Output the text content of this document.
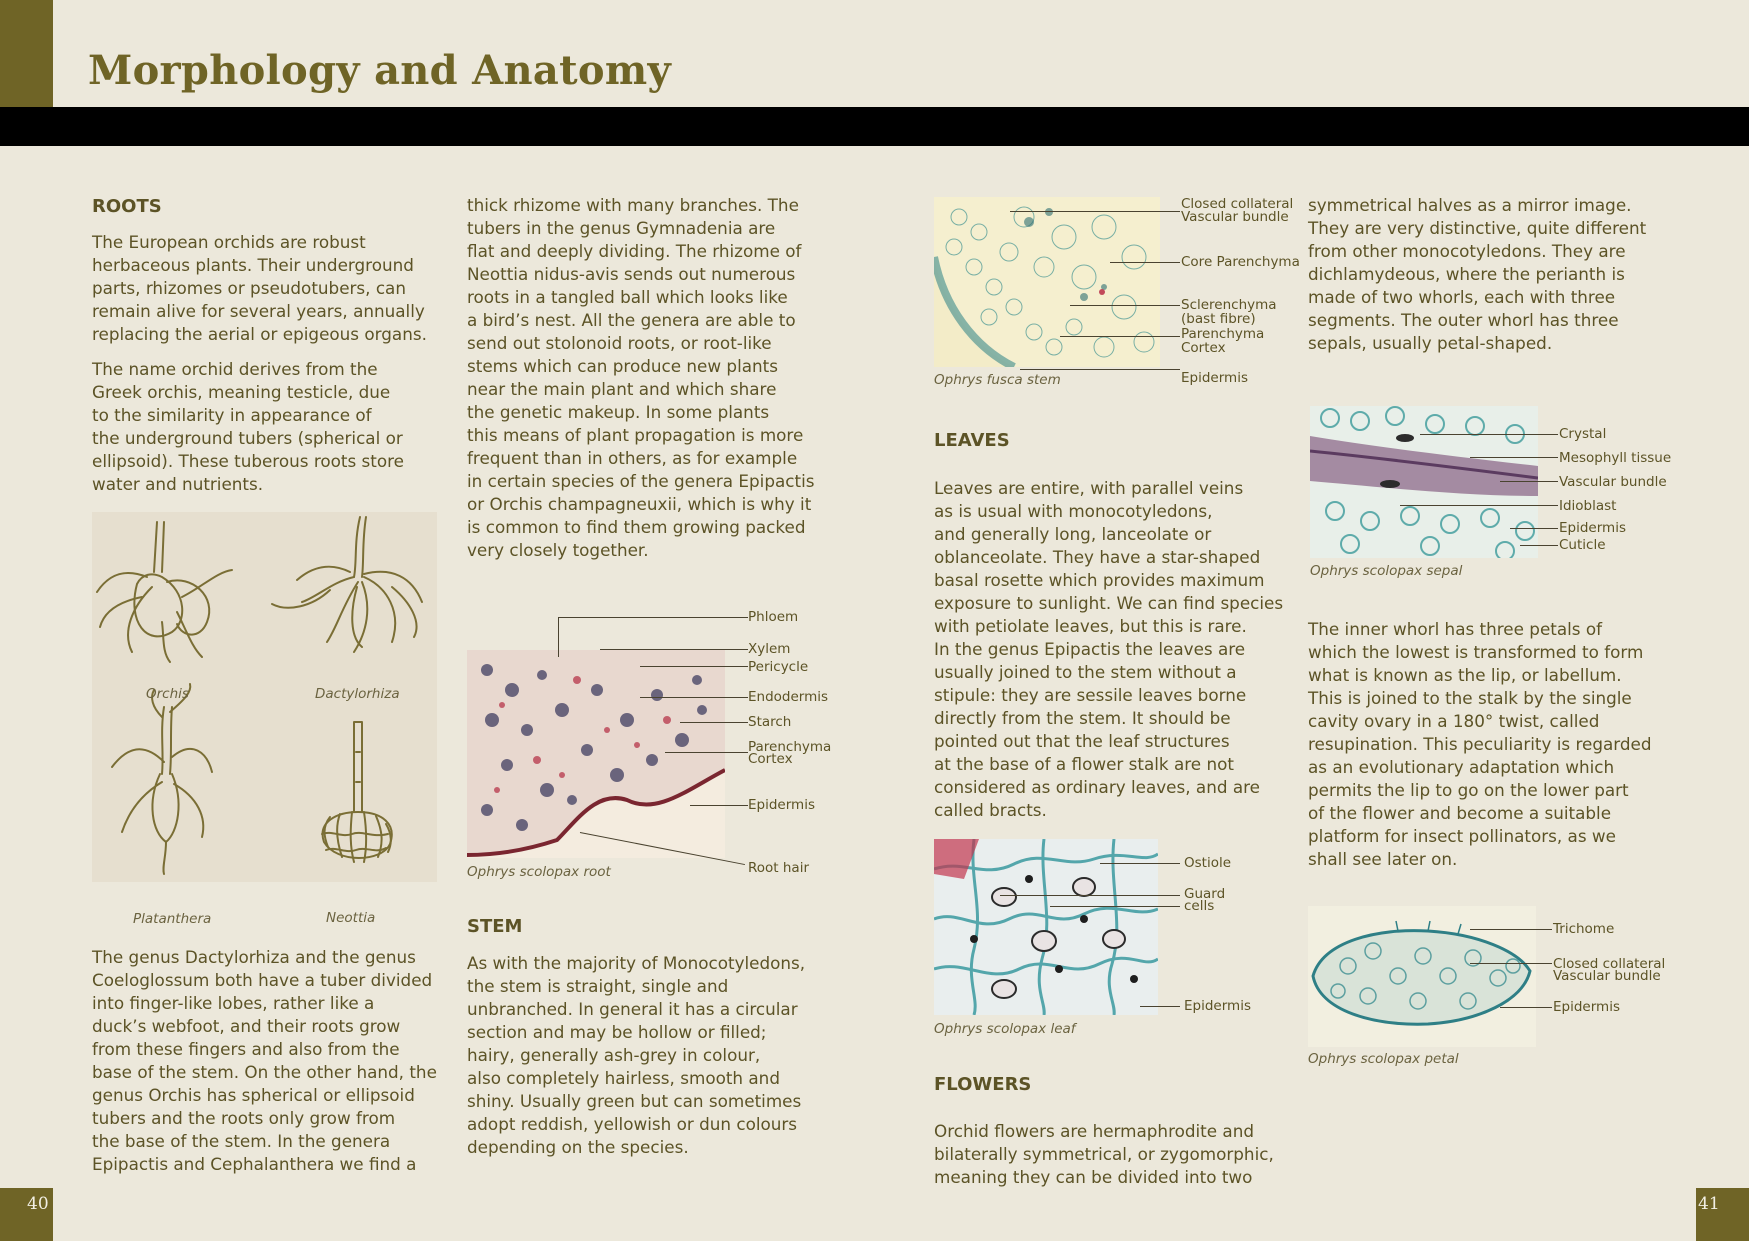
Morphology and Anatomy
ROOTS
The European orchids are robust
herbaceous plants. Their underground
parts, rhizomes or pseudotubers, can
remain alive for several years, annually
replacing the aerial or epigeous organs.
The name orchid derives from the
Greek orchis, meaning testicle, due
to the similarity in appearance of
the underground tubers (spherical or
ellipsoid). These tuberous roots store
water and nutrients.
Orchis	Dactylorhiza
Platanthera	Neottia
The genus Dactylorhiza and the genus
Coeloglossum both have a tuber divided
into finger-like lobes, rather like a
duck’s webfoot, and their roots grow
from these fingers and also from the
base of the stem. On the other hand, the
genus Orchis has spherical or ellipsoid
tubers and the roots only grow from
the base of the stem. In the genera
Epipactis and Cephalanthera we find a
thick rhizome with many branches. The
tubers in the genus Gymnadenia are
flat and deeply dividing. The rhizome of
Neottia nidus-avis sends out numerous
roots in a tangled ball which looks like
a bird’s nest. All the genera are able to
send out stolonoid roots, or root-like
stems which can produce new plants
near the main plant and which share
the genetic makeup. In some plants
this means of plant propagation is more
frequent than in others, as for example
in certain species of the genera Epipactis
or Orchis champagneuxii, which is why it
is common to find them growing packed
very closely together.
Phloem
Xylem
Pericycle
Endodermis
Starch
Parenchyma
Cortex
Epidermis
Root hair
Ophrys scolopax root
STEM
As with the majority of Monocotyledons,
the stem is straight, single and
unbranched. In general it has a circular
section and may be hollow or filled;
hairy, generally ash-grey in colour,
also completely hairless, smooth and
shiny. Usually green but can sometimes
adopt reddish, yellowish or dun colours
depending on the species.
Closed collateral
Vascular bundle
Core Parenchyma
Sclerenchyma
(bast fibre)
Parenchyma
Cortex
Epidermis
Ophrys fusca stem
LEAVES
Leaves are entire, with parallel veins
as is usual with monocotyledons,
and generally long, lanceolate or
oblanceolate. They have a star-shaped
basal rosette which provides maximum
exposure to sunlight. We can find species
with petiolate leaves, but this is rare.
In the genus Epipactis the leaves are
usually joined to the stem without a
stipule: they are sessile leaves borne
directly from the stem. It should be
pointed out that the leaf structures
at the base of a flower stalk are not
considered as ordinary leaves, and are
called bracts.
Ostiole
Guard
cells
Epidermis
Ophrys scolopax leaf
FLOWERS
Orchid flowers are hermaphrodite and
bilaterally symmetrical, or zygomorphic,
meaning they can be divided into two
symmetrical halves as a mirror image.
They are very distinctive, quite different
from other monocotyledons. They are
dichlamydeous, where the perianth is
made of two whorls, each with three
segments. The outer whorl has three
sepals, usually petal-shaped.
Crystal
Mesophyll tissue
Vascular bundle
Idioblast
Epidermis
Cuticle
Ophrys scolopax sepal
The inner whorl has three petals of
which the lowest is transformed to form
what is known as the lip, or labellum.
This is joined to the stalk by the single
cavity ovary in a 180° twist, called
resupination. This peculiarity is regarded
as an evolutionary adaptation which
permits the lip to go on the lower part
of the flower and become a suitable
platform for insect pollinators, as we
shall see later on.
Trichome
Closed collateral
Vascular bundle
Epidermis
Ophrys scolopax petal
40	41
